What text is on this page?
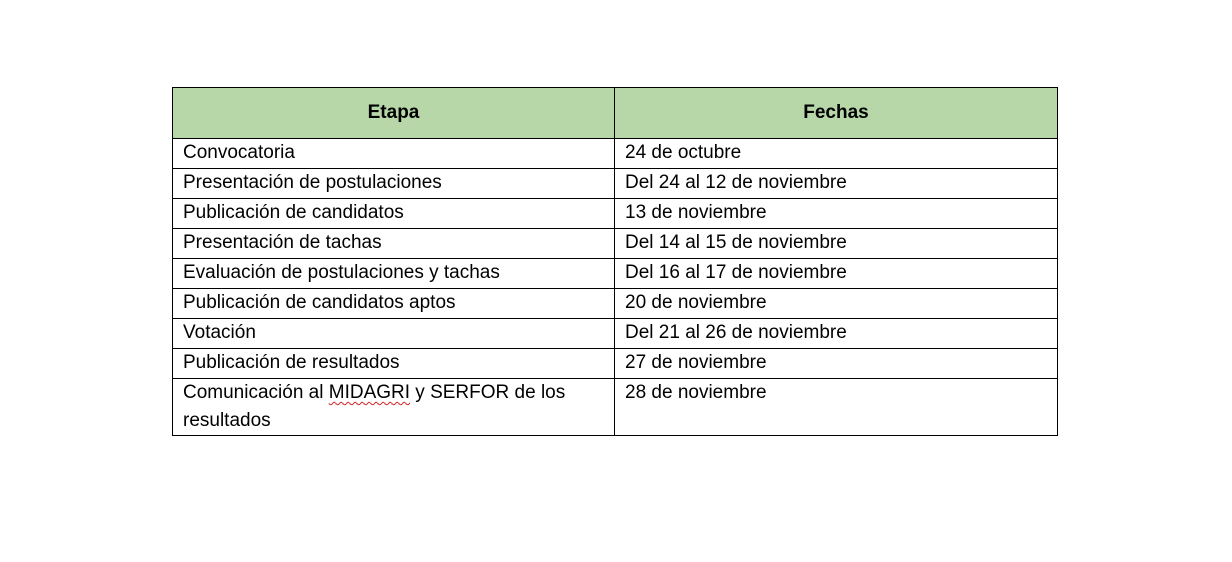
Etapa	Fechas
Convocatoria	24 de octubre
Presentación de postulaciones	Del 24 al 12 de noviembre
Publicación de candidatos	13 de noviembre
Presentación de tachas	Del 14 al 15 de noviembre
Evaluación de postulaciones y tachas	Del 16 al 17 de noviembre
Publicación de candidatos aptos	20 de noviembre
Votación	Del 21 al 26 de noviembre
Publicación de resultados	27 de noviembre
Comunicación al MIDAGRI y SERFOR de los resultados	28 de noviembre
